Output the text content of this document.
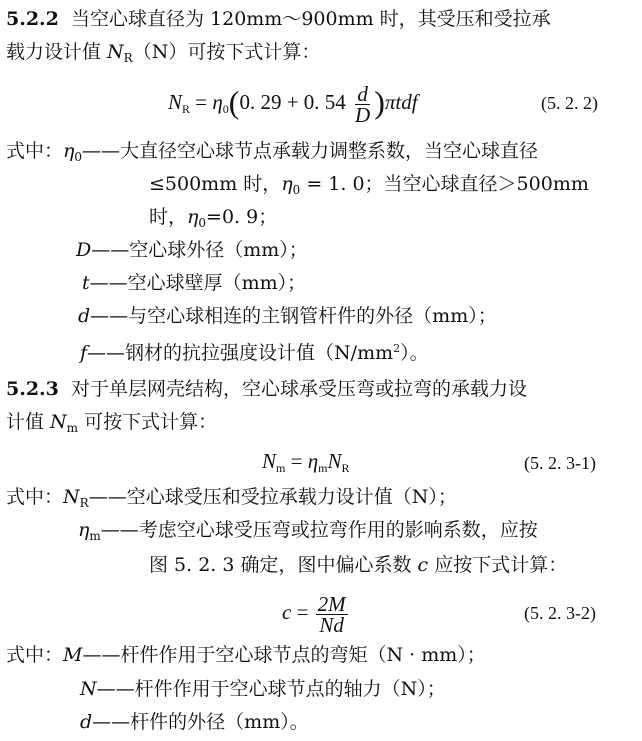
5.2.2 当空心球直径为 120mm～900mm 时，其受压和受拉承
载力设计值 $N_R(N)$可按下式计算：
$N_R = \eta_0(0$. 29 + 0. $54 \frac{d}{D} )\pi tdf$	(5. 2. 2)
式中：$\eta_0——$大直径空心球节点承载力调整系数，当空心球直径
≤500mm 时，$\eta_0 = 1$. 0；当空心球直径＞500mm
时，$\eta_0=0$. 9；
D——空心球外径（mm）；
t——空心球壁厚（mm）；
d——与空心球相连的主钢管杆件的外径（mm）；
f——钢材的抗拉强度设计值$(N/mm^2)$。
5.2.3 对于单层网壳结构，空心球承受压弯或拉弯的承载力设
计值 $N_m$ 可按下式计算：
$N_m = \eta_mN_R$	(5. 2. 3-1)
式中：$N_R——$空心球受压和受拉承载力设计值（N）；
$\eta_m——$考虑空心球受压弯或拉弯作用的影响系数，应按
图 5. 2. 3 确定，图中偏心系数 c 应按下式计算：
$c = \frac{2M}{Nd}$	(5. 2. 3-2)
式中：M——杆件作用于空心球节点的弯矩（N · mm）；
N——杆件作用于空心球节点的轴力（N）；
d——杆件的外径（mm）。
